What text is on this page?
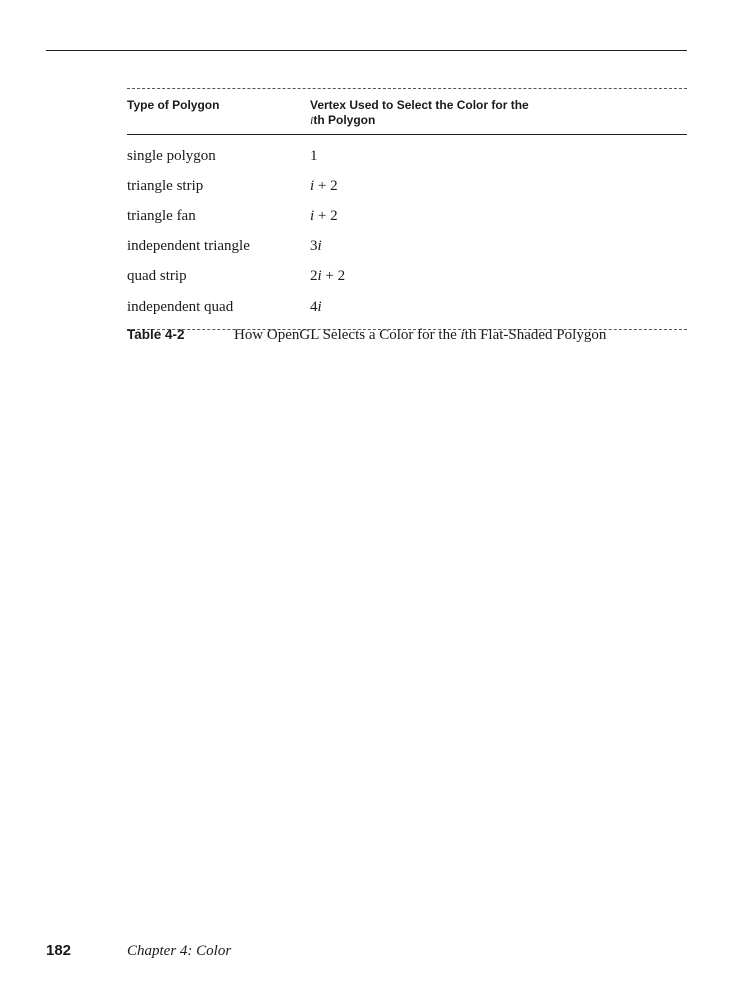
Type of Polygon	Vertex Used to Select the Color for the
ith Polygon
single polygon	1
triangle strip	i + 2
triangle fan	i + 2
independent triangle	3i
quad strip	2i + 2
independent quad	4i
Table 4-2	How OpenGL Selects a Color for the ith Flat-Shaded Polygon
182	Chapter 4: Color
